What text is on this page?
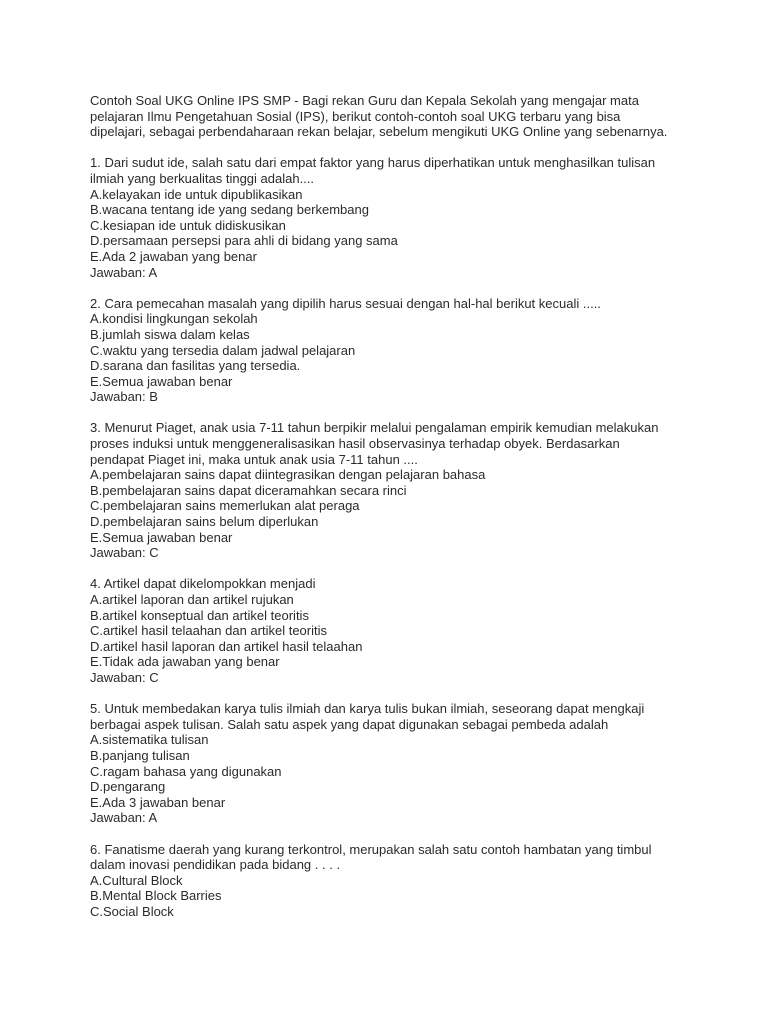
Contoh Soal UKG Online IPS SMP - Bagi rekan Guru dan Kepala Sekolah yang mengajar mata
pelajaran Ilmu Pengetahuan Sosial (IPS), berikut contoh-contoh soal UKG terbaru yang bisa
dipelajari, sebagai perbendaharaan rekan belajar, sebelum mengikuti UKG Online yang sebenarnya.

1. Dari sudut ide, salah satu dari empat faktor yang harus diperhatikan untuk menghasilkan tulisan
ilmiah yang berkualitas tinggi adalah....
A.kelayakan ide untuk dipublikasikan
B.wacana tentang ide yang sedang berkembang
C.kesiapan ide untuk didiskusikan
D.persamaan persepsi para ahli di bidang yang sama
E.Ada 2 jawaban yang benar
Jawaban: A
2. Cara pemecahan masalah yang dipilih harus sesuai dengan hal-hal berikut kecuali .....
A.kondisi lingkungan sekolah
B.jumlah siswa dalam kelas
C.waktu yang tersedia dalam jadwal pelajaran
D.sarana dan fasilitas yang tersedia.
E.Semua jawaban benar
Jawaban: B
3. Menurut Piaget, anak usia 7-11 tahun berpikir melalui pengalaman empirik kemudian melakukan
proses induksi untuk menggeneralisasikan hasil observasinya terhadap obyek. Berdasarkan
pendapat Piaget ini, maka untuk anak usia 7-11 tahun ....
A.pembelajaran sains dapat diintegrasikan dengan pelajaran bahasa
B.pembelajaran sains dapat diceramahkan secara rinci
C.pembelajaran sains memerlukan alat peraga
D.pembelajaran sains belum diperlukan
E.Semua jawaban benar
Jawaban: C
4. Artikel dapat dikelompokkan menjadi
A.artikel laporan dan artikel rujukan
B.artikel konseptual dan artikel teoritis
C.artikel hasil telaahan dan artikel teoritis
D.artikel hasil laporan dan artikel hasil telaahan
E.Tidak ada jawaban yang benar
Jawaban: C
5. Untuk membedakan karya tulis ilmiah dan karya tulis bukan ilmiah, seseorang dapat mengkaji
berbagai aspek tulisan. Salah satu aspek yang dapat digunakan sebagai pembeda adalah
A.sistematika tulisan
B.panjang tulisan
C.ragam bahasa yang digunakan
D.pengarang
E.Ada 3 jawaban benar
Jawaban: A
6. Fanatisme daerah yang kurang terkontrol, merupakan salah satu contoh hambatan yang timbul
dalam inovasi pendidikan pada bidang . . . .
A.Cultural Block
B.Mental Block Barries
C.Social Block
